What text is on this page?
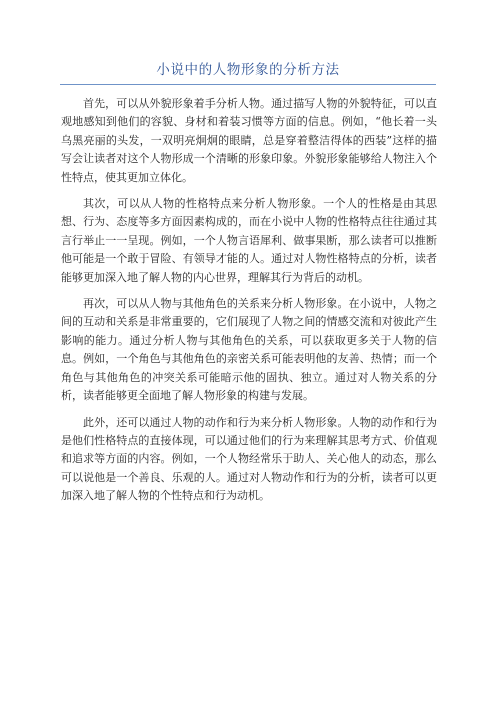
小说中的人物形象的分析方法

首先，可以从外貌形象着手分析人物。通过描写人物的外貌特征，可以直观地感知到他们的容貌、身材和着装习惯等方面的信息。例如，“他长着一头乌黑亮丽的头发，一双明亮炯炯的眼睛，总是穿着整洁得体的西装”这样的描写会让读者对这个人物形成一个清晰的形象印象。外貌形象能够给人物注入个性特点，使其更加立体化。

其次，可以从人物的性格特点来分析人物形象。一个人的性格是由其思想、行为、态度等多方面因素构成的，而在小说中人物的性格特点往往通过其言行举止一一呈现。例如，一个人物言语犀利、做事果断，那么读者可以推断他可能是一个敢于冒险、有领导才能的人。通过对人物性格特点的分析，读者能够更加深入地了解人物的内心世界，理解其行为背后的动机。

再次，可以从人物与其他角色的关系来分析人物形象。在小说中，人物之间的互动和关系是非常重要的，它们展现了人物之间的情感交流和对彼此产生影响的能力。通过分析人物与其他角色的关系，可以获取更多关于人物的信息。例如，一个角色与其他角色的亲密关系可能表明他的友善、热情；而一个角色与其他角色的冲突关系可能暗示他的固执、独立。通过对人物关系的分析，读者能够更全面地了解人物形象的构建与发展。

此外，还可以通过人物的动作和行为来分析人物形象。人物的动作和行为是他们性格特点的直接体现，可以通过他们的行为来理解其思考方式、价值观和追求等方面的内容。例如，一个人物经常乐于助人、关心他人的动态，那么可以说他是一个善良、乐观的人。通过对人物动作和行为的分析，读者可以更加深入地了解人物的个性特点和行为动机。
